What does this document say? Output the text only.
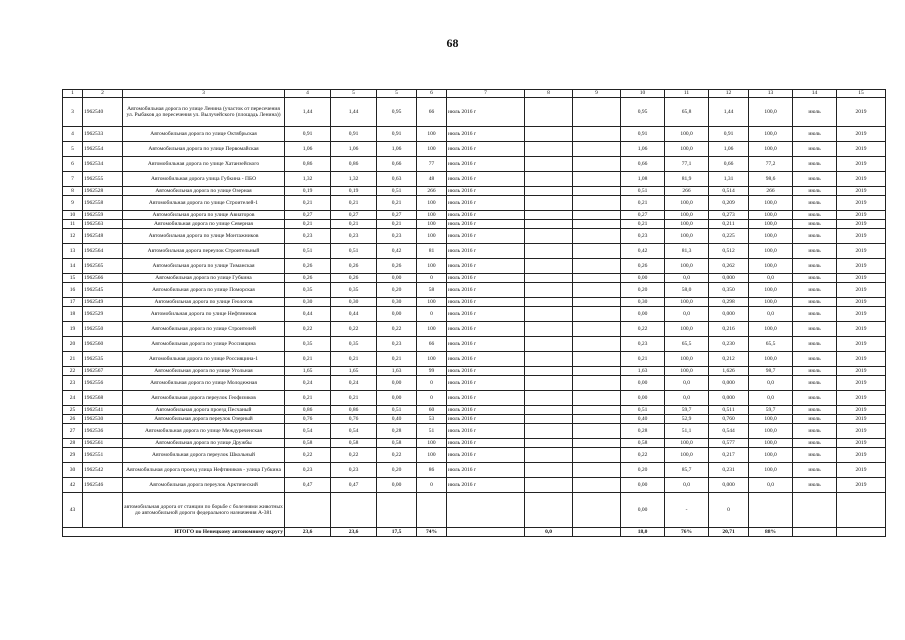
68
1	2	3	4	5	5	6	7	8	9	10	11	12	13	14	15
3	1962540	Автомобильная дорога по улице Ленина (участок от пересечения ул. Рыбаков до пересечения ул. Вылучейского (площадь Ленина))	1,44	1,44	0,95	66	июль 2016 г			0,95	65,8	1,44	100,0	июль	2019
4	1962533	Автомобильная дорога по улице Октябрьская	0,91	0,91	0,91	100	июль 2016 г			0,91	100,0	0,91	100,0	июль	2019
5	1962554	Автомобильная дорога по улице Первомайская	1,06	1,06	1,06	100	июль 2016 г			1,06	100,0	1,06	100,0	июль	2019
6	1962534	Автомобильная дорога по улице Хатанзейского	0,86	0,86	0,66	77	июль 2016 г			0,66	77,1	0,66	77,2	июль	2019
7	1962555	Автомобильная дорога улица Губкина - ПБО	1,32	1,32	0,63	48	июль 2016 г			1,08	81,9	1,31	98,6	июль	2019
8	1962528	Автомобильная дорога по улице Озерная	0,19	0,19	0,51	266	июль 2016 г			0,51	266	0,514	266	июль	2019
9	1962558	Автомобильная дорога по улице Строителей-1	0,21	0,21	0,21	100	июль 2016 г			0,21	100,0	0,209	100,0	июль	2019
10	1962559	Автомобильная дорога по улице Авиаторов	0,27	0,27	0,27	100	июль 2016 г			0,27	100,0	0,273	100,0	июль	2019
11	1962563	Автомобильная дорога по улице Северная	0,21	0,21	0,21	100	июль 2016 г			0,21	100,0	0,211	100,0	июль	2019
12	1962548	Автомобильная дорога по улице Монтажников	0,23	0,23	0,23	100	июль 2016 г			0,23	100,0	0,225	100,0	июль	2019
13	1962564	Автомобильная дорога переулок Строительный	0,51	0,51	0,42	81	июль 2016 г			0,42	81,3	0,512	100,0	июль	2019
14	1962565	Автомобильная дорога по улице Тиманская	0,26	0,26	0,26	100	июль 2016 г			0,26	100,0	0,262	100,0	июль	2019
15	1962566	Автомобильная дорога по улице Губкина	0,26	0,26	0,00	0	июль 2016 г			0,00	0,0	0,000	0,0	июль	2019
16	1962545	Автомобильная дорога по улице Поморская	0,35	0,35	0,20	58	июль 2016 г			0,20	58,0	0,350	100,0	июль	2019
17	1962549	Автомобильная дорога по улице Геологов	0,30	0,30	0,30	100	июль 2016 г			0,30	100,0	0,298	100,0	июль	2019
18	1962529	Автомобильная дорога по улице Нефтяников	0,44	0,44	0,00	0	июль 2016 г			0,00	0,0	0,000	0,0	июль	2019
19	1962550	Автомобильная дорога по улице Строителей	0,22	0,22	0,22	100	июль 2016 г			0,22	100,0	0,216	100,0	июль	2019
20	1962560	Автомобильная дорога по улице Россияцина	0,35	0,35	0,23	66	июль 2016 г			0,23	65,5	0,230	65,5	июль	2019
21	1962535	Автомобильная дорога по улице Россияцина-1	0,21	0,21	0,21	100	июль 2016 г			0,21	100,0	0,212	100,0	июль	2019
22	1962567	Автомобильная дорога по улице Угольная	1,65	1,65	1,63	99	июль 2016 г			1,63	100,0	1,626	98,7	июль	2019
23	1962556	Автомобильная дорога по улице Молодежная	0,24	0,24	0,00	0	июль 2016 г			0,00	0,0	0,000	0,0	июль	2019
24	1962568	Автомобильная дорога переулок Геофизиков	0,21	0,21	0,00	0	июль 2016 г			0,00	0,0	0,000	0,0	июль	2019
25	1962541	Автомобильная дорога проезд Песчаный	0,86	0,86	0,51	60	июль 2016 г			0,51	59,7	0,511	59,7	июль	2019
26	1962530	Автомобильная дорога переулок Озерный	0,76	0,76	0,40	53	июль 2016 г			0,40	52,9	0,760	100,0	июль	2019
27	1962536	Автомобильная дорога по улице Междуреченская	0,54	0,54	0,28	51	июль 2016 г			0,28	51,1	0,544	100,0	июль	2019
28	1962561	Автомобильная дорога по улице Дружбы	0,58	0,58	0,58	100	июль 2016 г			0,58	100,0	0,577	100,0	июль	2019
29	1962551	Автомобильная дорога переулок Школьный	0,22	0,22	0,22	100	июль 2016 г			0,22	100,0	0,217	100,0	июль	2019
30	1962542	Автомобильная дорога проезд улица Нефтяников - улица Губкина	0,23	0,23	0,20	86	июль 2016 г			0,20	85,7	0,231	100,0	июль	2019
42	1962546	Автомобильная дорога переулок Арктический	0,47	0,47	0,00	0	июль 2016 г			0,00	0,0	0,000	0,0	июль	2019
43		автомобильная дорога от станции по борьбе с болезнями животных до автомобильной дороги федерального назначения А-381								0,00	-	0			
ИТОГО по Ненецкому автономному округу			23,6	23,6	17,5	74%		0,0		18,0	76%	20,71	88%		
